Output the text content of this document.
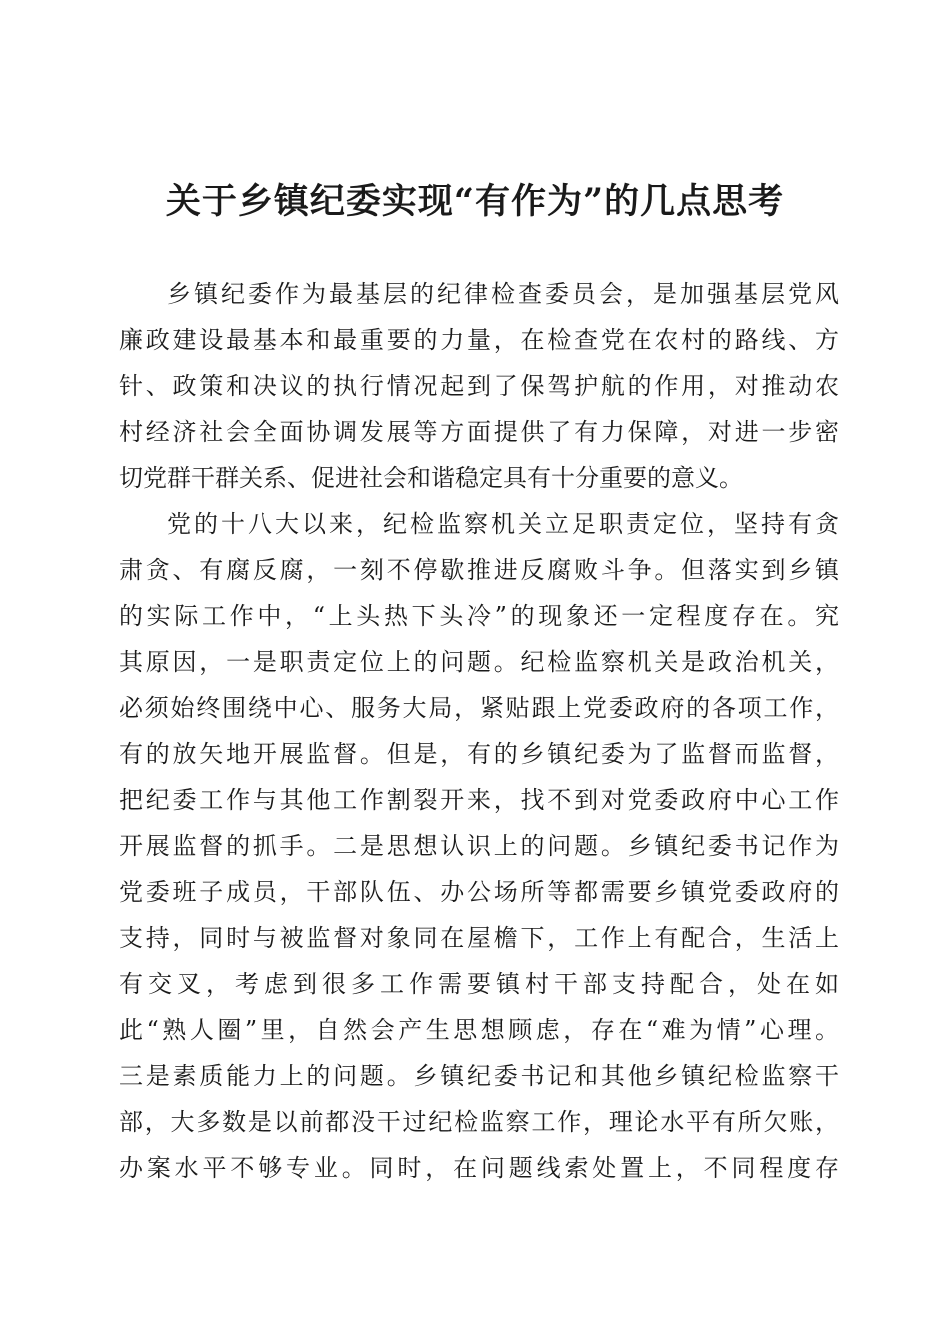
关于乡镇纪委实现“有作为”的几点思考
乡镇纪委作为最基层的纪律检查委员会，是加强基层党风
廉政建设最基本和最重要的力量，在检查党在农村的路线、方
针、政策和决议的执行情况起到了保驾护航的作用，对推动农
村经济社会全面协调发展等方面提供了有力保障，对进一步密
切党群干群关系、促进社会和谐稳定具有十分重要的意义。
党的十八大以来，纪检监察机关立足职责定位，坚持有贪
肃贪、有腐反腐，一刻不停歇推进反腐败斗争。但落实到乡镇
的实际工作中，“上头热下头冷”的现象还一定程度存在。究
其原因，一是职责定位上的问题。纪检监察机关是政治机关，
必须始终围绕中心、服务大局，紧贴跟上党委政府的各项工作，
有的放矢地开展监督。但是，有的乡镇纪委为了监督而监督，
把纪委工作与其他工作割裂开来，找不到对党委政府中心工作
开展监督的抓手。二是思想认识上的问题。乡镇纪委书记作为
党委班子成员，干部队伍、办公场所等都需要乡镇党委政府的
支持，同时与被监督对象同在屋檐下，工作上有配合，生活上
有交叉，考虑到很多工作需要镇村干部支持配合，处在如
此“熟人圈”里，自然会产生思想顾虑，存在“难为情”心理。
三是素质能力上的问题。乡镇纪委书记和其他乡镇纪检监察干
部，大多数是以前都没干过纪检监察工作，理论水平有所欠账，
办案水平不够专业。同时，在问题线索处置上，不同程度存
